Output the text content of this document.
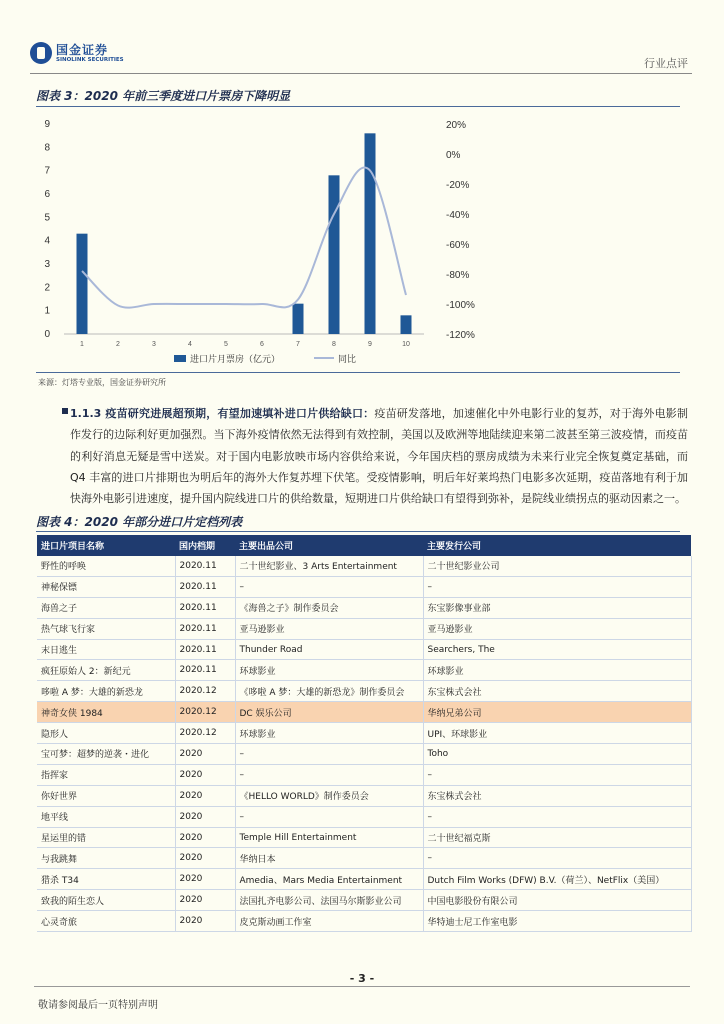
国金证券
SINOLINK SECURITIES	行业点评
图表 3：2020 年前三季度进口片票房下降明显
0
1
2
3
4
5
6
7
8
9	20%
0%
-20%
-40%
-60%
-80%
-100%
-120%
1	2	3	4	5	6	7	8	9	10
进口片月票房（亿元）	同比
来源：灯塔专业版，国金证券研究所
1.1.3 疫苗研究进展超预期，有望加速填补进口片供给缺口：疫苗研发落地，加速催化中外电影行业的复苏，对于海外电影制作发行的边际利好更加强烈。当下海外疫情依然无法得到有效控制，美国以及欧洲等地陆续迎来第二波甚至第三波疫情，而疫苗的利好消息无疑是雪中送炭。对于国内电影放映市场内容供给来说，今年国庆档的票房成绩为未来行业完全恢复奠定基础，而 Q4 丰富的进口片排期也为明后年的海外大作复苏埋下伏笔。受疫情影响，明后年好莱坞热门电影多次延期，疫苗落地有利于加快海外电影引进速度，提升国内院线进口片的供给数量，短期进口片供给缺口有望得到弥补，是院线业绩拐点的驱动因素之一。
图表 4：2020 年部分进口片定档列表
进口片项目名称	国内档期	主要出品公司	主要发行公司
野性的呼唤	2020.11	二十世纪影业、3 Arts Entertainment	二十世纪影业公司
神秘保镖	2020.11	–	–
海兽之子	2020.11	《海兽之子》制作委员会	东宝影像事业部
热气球飞行家	2020.11	亚马逊影业	亚马逊影业
末日逃生	2020.11	Thunder Road	Searchers, The
疯狂原始人 2：新纪元	2020.11	环球影业	环球影业
哆啦 A 梦：大雄的新恐龙	2020.12	《哆啦 A 梦：大雄的新恐龙》制作委员会	东宝株式会社
神奇女侠 1984	2020.12	DC 娱乐公司	华纳兄弟公司
隐形人	2020.12	环球影业	UPI、环球影业
宝可梦：超梦的逆袭・进化	2020	–	Toho
指挥家	2020	–	–
你好世界	2020	《HELLO WORLD》制作委员会	东宝株式会社
地平线	2020	–	–
星运里的错	2020	Temple Hill Entertainment	二十世纪福克斯
与我跳舞	2020	华纳日本	–
猎杀 T34	2020	Amedia、Mars Media Entertainment	Dutch Film Works (DFW) B.V.（荷兰）、NetFlix（美国）
致我的陌生恋人	2020	法国扎齐电影公司、法国马尔斯影业公司	中国电影股份有限公司
心灵奇旅	2020	皮克斯动画工作室	华特迪士尼工作室电影
- 3 -
敬请参阅最后一页特别声明
